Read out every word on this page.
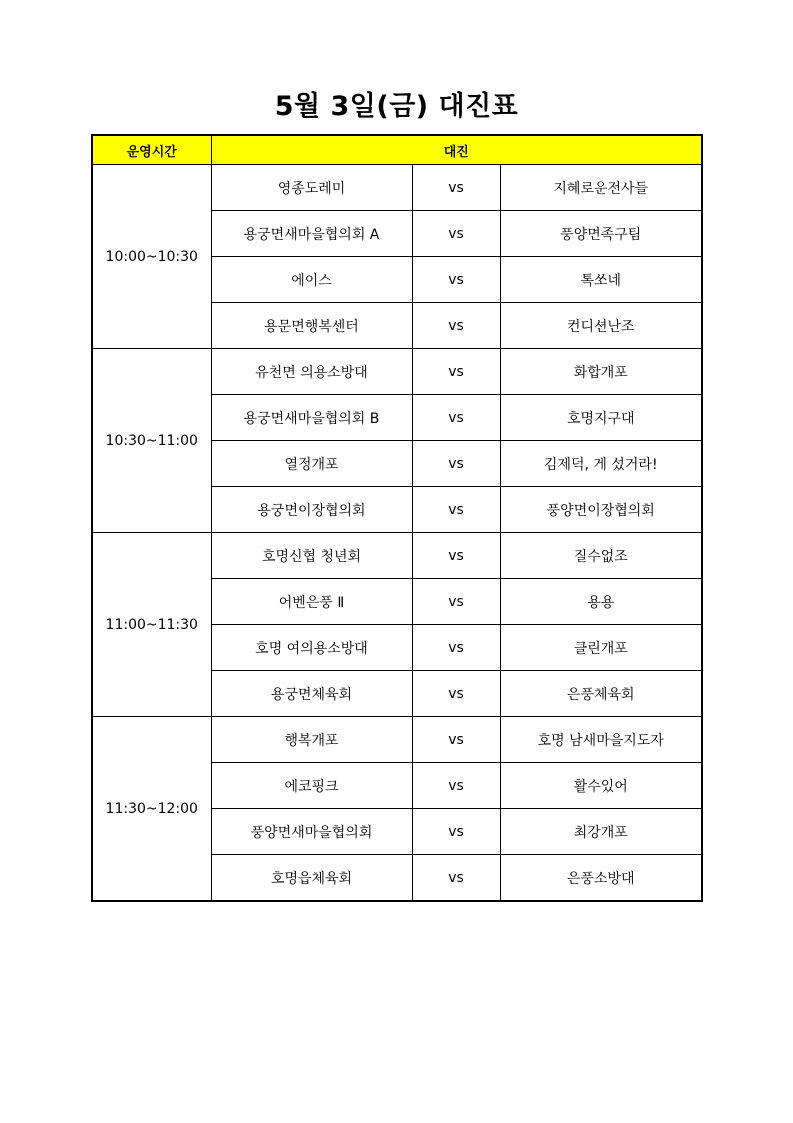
5월 3일(금) 대진표
운영시간	대진		
10:00~10:30	영종도레미	vs	지혜로운전사들
	용궁면새마을협의회 A	vs	풍양면족구팀
	에이스	vs	톡쏘네
	용문면행복센터	vs	컨디션난조
10:30~11:00	유천면 의용소방대	vs	화합개포
	용궁면새마을협의회 B	vs	호명지구대
	열정개포	vs	김제덕, 게 섰거라!
	용궁면이장협의회	vs	풍양면이장협의회
11:00~11:30	호명신협 청년회	vs	질수없조
	어벤은풍 Ⅱ	vs	용용
	호명 여의용소방대	vs	클린개포
	용궁면체육회	vs	은풍체육회
11:30~12:00	행복개포	vs	호명 남새마을지도자
	에코핑크	vs	활수있어
	풍양면새마을협의회	vs	최강개포
	호명읍체육회	vs	은풍소방대
